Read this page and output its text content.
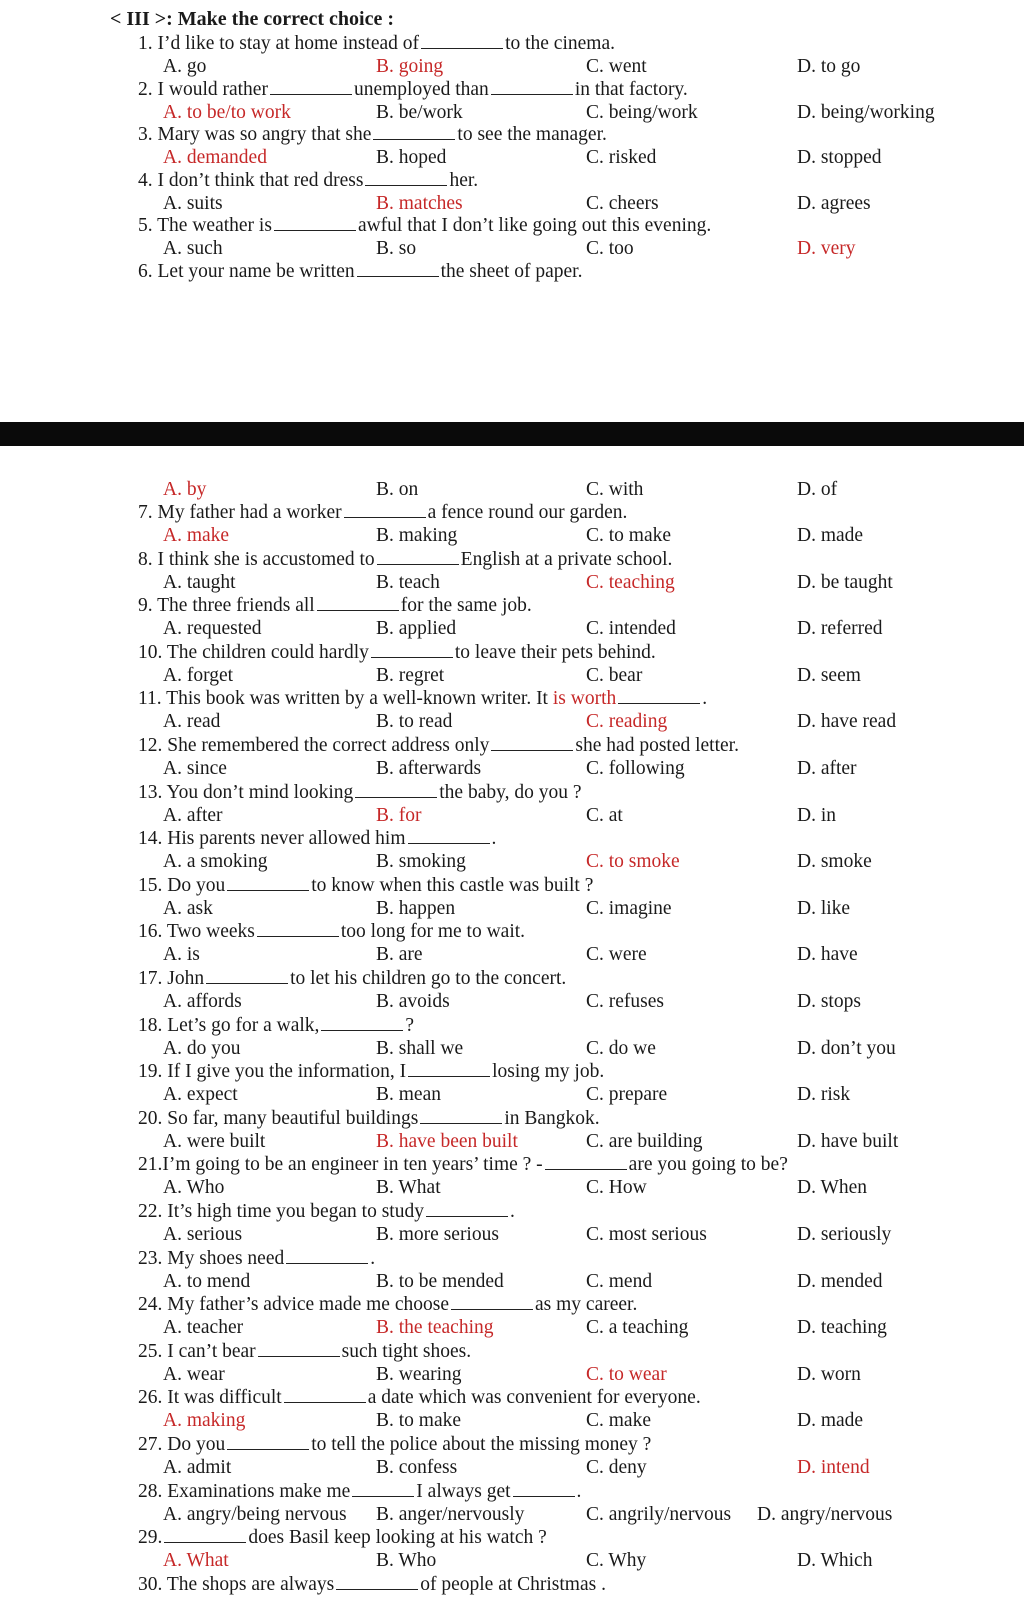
< III >: Make the correct choice :
1. I’d like to stay at home instead of	to the cinema.
A. go	B. going	C. went	D. to go
2. I would rather	unemployed than	in that factory.
A. to be/to work	B. be/work	C. being/work	D. being/working
3. Mary was so angry that she	to see the manager.
A. demanded	B. hoped	C. risked	D. stopped
4. I don’t think that red dress	her.
A. suits	B. matches	C. cheers	D. agrees
5. The weather is	awful that I don’t like going out this evening.
A. such	B. so	C. too	D. very
6. Let your name be written	the sheet of paper.
A. by	B. on	C. with	D. of
7. My father had a worker	a fence round our garden.
A. make	B. making	C. to make	D. made
8. I think she is accustomed to	English at a private school.
A. taught	B. teach	C. teaching	D. be taught
9. The three friends all	for the same job.
A. requested	B. applied	C. intended	D. referred
10. The children could hardly	to leave their pets behind.
A. forget	B. regret	C. bear	D. seem
11. This book was written by a well-known writer. It is worth	.
A. read	B. to read	C. reading	D. have read
12. She remembered the correct address only	she had posted letter.
A. since	B. afterwards	C. following	D. after
13. You don’t mind looking	the baby, do you ?
A. after	B. for	C. at	D. in
14. His parents never allowed him	.
A. a smoking	B. smoking	C. to smoke	D. smoke
15. Do you	to know when this castle was built ?
A. ask	B. happen	C. imagine	D. like
16. Two weeks	too long for me to wait.
A. is	B. are	C. were	D. have
17. John	to let his children go to the concert.
A. affords	B. avoids	C. refuses	D. stops
18. Let’s go for a walk,	?
A. do you	B. shall we	C. do we	D. don’t you
19. If I give you the information, I	losing my job.
A. expect	B. mean	C. prepare	D. risk
20. So far, many beautiful buildings	in Bangkok.
A. were built	B. have been built	C. are building	D. have built
21.I’m going to be an engineer in ten years’ time ? -	are you going to be?
A. Who	B. What	C. How	D. When
22. It’s high time you began to study	.
A. serious	B. more serious	C. most serious	D. seriously
23. My shoes need	.
A. to mend	B. to be mended	C. mend	D. mended
24. My father’s advice made me choose	as my career.
A. teacher	B. the teaching	C. a teaching	D. teaching
25. I can’t bear	such tight shoes.
A. wear	B. wearing	C. to wear	D. worn
26. It was difficult	a date which was convenient for everyone.
A. making	B. to make	C. make	D. made
27. Do you	to tell the police about the missing money ?
A. admit	B. confess	C. deny	D. intend
28. Examinations make me	I always get	.
A. angry/being nervous B. anger/nervously	C. angrily/nervous D. angry/nervous
29.	does Basil keep looking at his watch ?
A. What	B. Who	C. Why	D. Which
30. The shops are always	of people at Christmas .
